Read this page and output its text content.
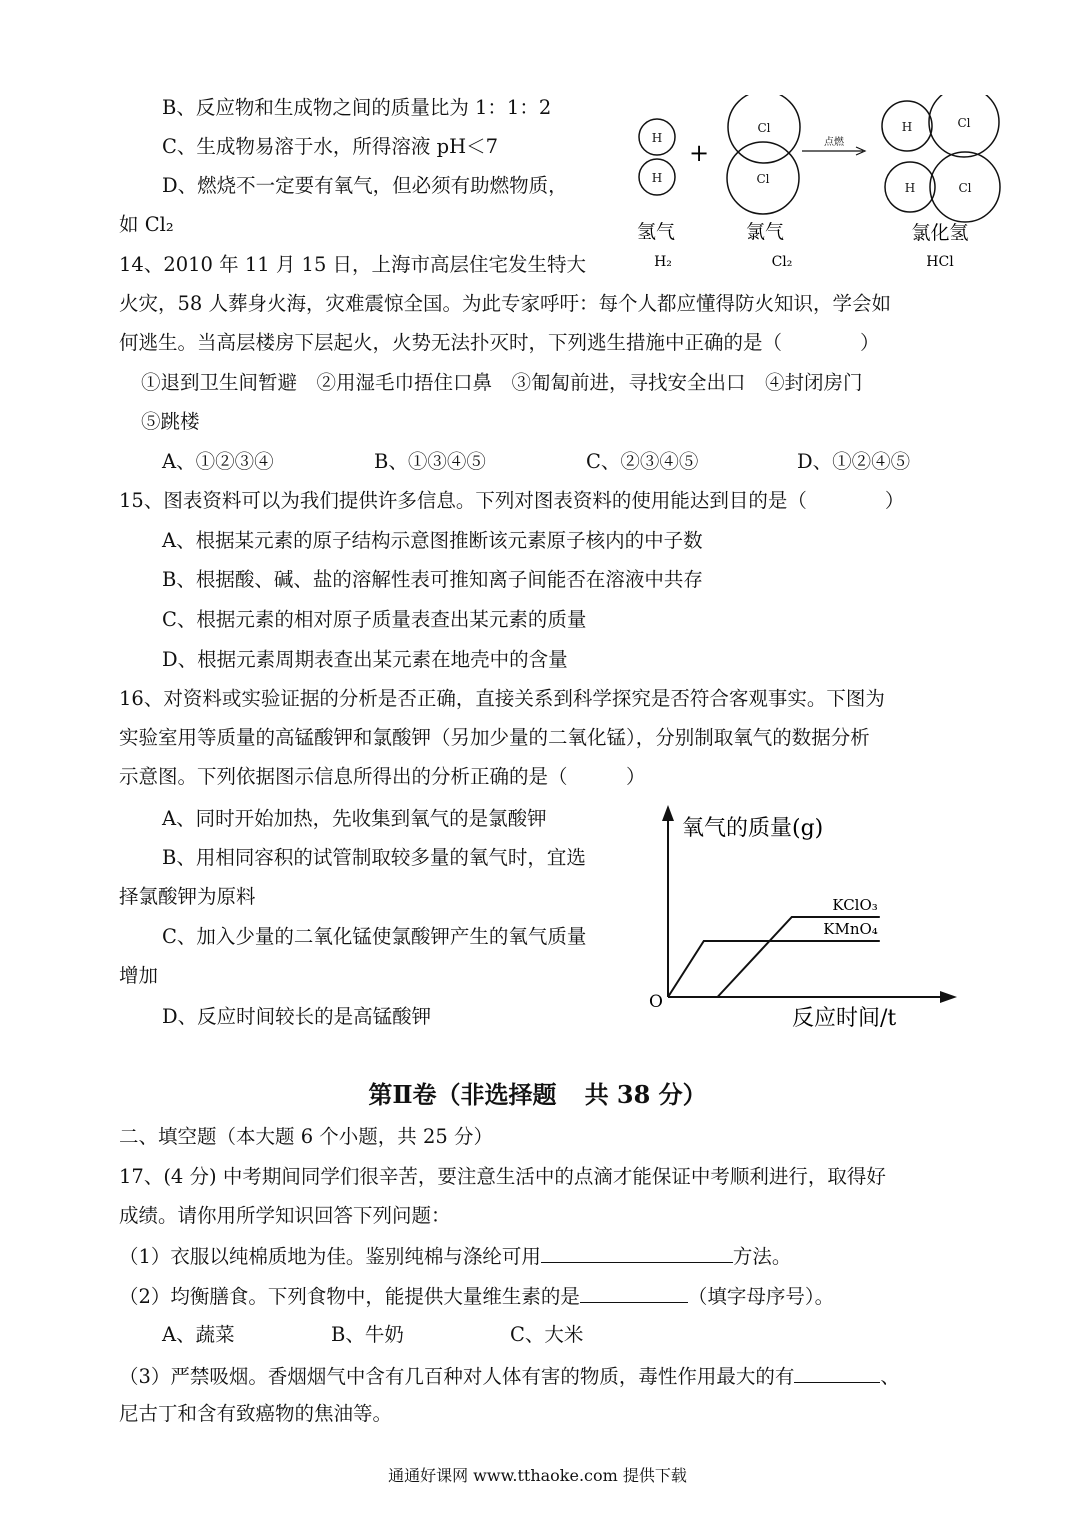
B、反应物和生成物之间的质量比为 1：1：2
C、生成物易溶于水，所得溶液 pH＜7
D、燃烧不一定要有氧气，但必须有助燃物质，
如 Cl₂
H
H
Cl
Cl
H	Cl
H	Cl
点燃
+
氢气	氯气	氯化氢
H₂	Cl₂	HCl
14、2010 年 11 月 15 日，上海市高层住宅发生特大
火灾，58 人葬身火海，灾难震惊全国。为此专家呼吁：每个人都应懂得防火知识，学会如
何逃生。当高层楼房下层起火，火势无法扑灭时，下列逃生措施中正确的是（　　　　）
①退到卫生间暂避　②用湿毛巾捂住口鼻　③匍匐前进，寻找安全出口　④封闭房门
⑤跳楼
A、①②③④	B、①③④⑤	C、②③④⑤	D、①②④⑤
15、图表资料可以为我们提供许多信息。下列对图表资料的使用能达到目的是（　　　　）
A、根据某元素的原子结构示意图推断该元素原子核内的中子数
B、根据酸、碱、盐的溶解性表可推知离子间能否在溶液中共存
C、根据元素的相对原子质量表查出某元素的质量
D、根据元素周期表查出某元素在地壳中的含量
16、对资料或实验证据的分析是否正确，直接关系到科学探究是否符合客观事实。下图为
实验室用等质量的高锰酸钾和氯酸钾（另加少量的二氧化锰），分别制取氧气的数据分析
示意图。下列依据图示信息所得出的分析正确的是（　　　）
A、同时开始加热，先收集到氧气的是氯酸钾
B、用相同容积的试管制取较多量的氧气时，宜选
择氯酸钾为原料
C、加入少量的二氧化锰使氯酸钾产生的氧气质量
增加
D、反应时间较长的是高锰酸钾
氧气的质量(g)
反应时间/t
O
KClO₃
KMnO₄
第Ⅱ卷（非选择题 共 38 分）
二、填空题（本大题 6 个小题，共 25 分）
17、(4 分) 中考期间同学们很辛苦，要注意生活中的点滴才能保证中考顺利进行，取得好
成绩。请你用所学知识回答下列问题：
（1）衣服以纯棉质地为佳。鉴别纯棉与涤纶可用	方法。
（2）均衡膳食。下列食物中，能提供大量维生素的是	（填字母序号）。
A、蔬菜	B、牛奶	C、大米
（3）严禁吸烟。香烟烟气中含有几百种对人体有害的物质，毒性作用最大的有	、
尼古丁和含有致癌物的焦油等。
通通好课网 www.tthaoke.com 提供下载
